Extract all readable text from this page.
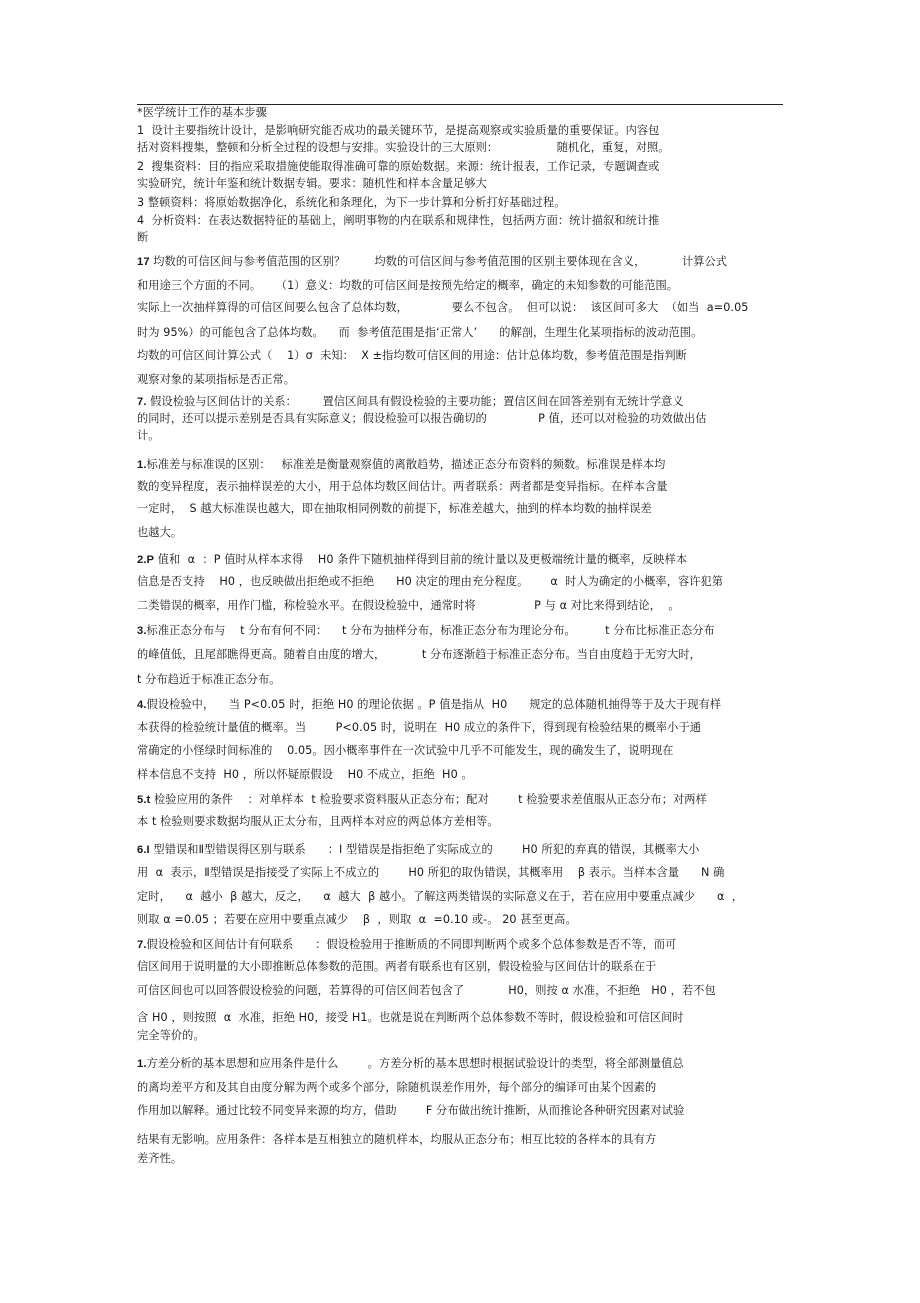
*医学统计工作的基本步骤
1  设计主要指统计设计，是影响研究能否成功的最关键环节，是提高观察或实验质量的重要保证。内容包
括对资料搜集，整顿和分析全过程的设想与安排。实验设计的三大原则：                随机化，重复，对照。
2  搜集资料：目的指应采取措施使能取得准确可靠的原始数据。来源：统计报表，工作记录，专题调查或
实验研究，统计年鉴和统计数据专辑。要求：随机性和样本含量足够大
3 整顿资料：将原始数据净化，系统化和条理化，为下一步计算和分析打好基础过程。
4  分析资料：在表达数据特征的基础上，阐明事物的内在联系和规律性，包括两方面：统计描叙和统计推
断
17 均数的可信区间与参考值范围的区别？        均数的可信区间与参考值范围的区别主要体现在含义，          计算公式
和用途三个方面的不同。    （1）意义：均数的可信区间是按预先给定的概率，确定的未知参数的可能范围。
实际上一次抽样算得的可信区间要么包含了总体均数，            要么不包含。  但可以说：  该区间可多大  （如当  a=0.05
时为 95%）的可能包含了总体均数。    而  参考值范围是指‘正常人’      的解剖，生理生化某项指标的波动范围。
均数的可信区间计算公式（    1）σ  未知：  X ±指均数可信区间的用途：估计总体均数，参考值范围是指判断
观察对象的某项指标是否正常。
7. 假设检验与区间估计的关系：       置信区间具有假设检验的主要功能；置信区间在回答差别有无统计学意义
的同时，还可以提示差别是否具有实际意义；假设检验可以报告确切的              P 值，还可以对检验的功效做出估
计。
1.标准差与标准误的区别：   标准差是衡量观察值的离散趋势，描述正态分布资料的频数。标准误是样本均
数的变异程度，表示抽样误差的大小，用于总体均数区间估计。两者联系：两者都是变异指标。在样本含量
一定时，  S 越大标准误也越大，即在抽取相同例数的前提下，标准差越大，抽到的样本均数的抽样误差
也越大。
2.P 值和  α  ：P 值时从样本求得    H0 条件下随机抽样得到目前的统计量以及更极端统计量的概率，反映样本
信息是否支持    H0 ，也反映做出拒绝或不拒绝      H0 决定的理由充分程度。      α  时人为确定的小概率，容许犯第
二类错误的概率，用作门槛，称检验水平。在假设检验中，通常时将                P 与 α 对比来得到结论，  。
3.标准正态分布与    t 分布有何不同：    t 分布为抽样分布，标准正态分布为理论分布。        t 分布比标准正态分布
的峰值低，且尾部瞧得更高。随着自由度的增大，          t 分布逐渐趋于标准正态分布。当自由度趋于无穷大时，
t 分布趋近于标准正态分布。
4.假设检验中，    当 P<0.05 时，拒绝 H0 的理论依据 。P 值是指从  H0      规定的总体随机抽得等于及大于现有样
本获得的检验统计量值的概率。当        P<0.05 时，说明在  H0 成立的条件下，得到现有检验结果的概率小于通
常确定的小怪绿时间标准的    0.05。因小概率事件在一次试验中几乎不可能发生，现的确发生了，说明现在
样本信息不支持  H0 ，所以怀疑原假设    H0 不成立，拒绝  H0 。
5.t 检验应用的条件    ：对单样本  t 检验要求资料服从正态分布；配对        t 检验要求差值服从正态分布；对两样
本 t 检验则要求数据均服从正太分布，且两样本对应的两总体方差相等。
6.I 型错误和Ⅱ型错误得区别与联系      ：I 型错误是指拒绝了实际成立的        H0 所犯的弃真的错误，其概率大小
用  α  表示，Ⅱ型错误是指接受了实际上不成立的        H0 所犯的取伪错误，其概率用    β 表示。当样本含量      N 确
定时，    α  越小  β 越大，反之，    α  越大  β 越小。了解这两类错误的实际意义在于，若在应用中要重点减少      α  ，
则取 α =0.05 ；若要在应用中要重点减少    β  ，则取  α  =0.10 或-。 20 甚至更高。
7.假设检验和区间估计有何联系      ：假设检验用于推断质的不同即判断两个或多个总体参数是否不等，而可
信区间用于说明量的大小即推断总体参数的范围。两者有联系也有区别，假设检验与区间估计的联系在于
可信区间也可以回答假设检验的问题，若算得的可信区间若包含了            H0，则按 α 水准，不拒绝   H0 ，若不包
含 H0 ，则按照  α  水准，拒绝 H0，接受 H1。也就是说在判断两个总体参数不等时，假设检验和可信区间时
完全等价的。
1.方差分析的基本思想和应用条件是什么        。方差分析的基本思想时根据试验设计的类型，将全部测量值总
的离均差平方和及其自由度分解为两个或多个部分，除随机误差作用外，每个部分的编译可由某个因素的
作用加以解释。通过比较不同变异来源的均方，借助        F 分布做出统计推断，从而推论各种研究因素对试验
结果有无影响。应用条件：各样本是互相独立的随机样本，均服从正态分布；相互比较的各样本的具有方
差齐性。
